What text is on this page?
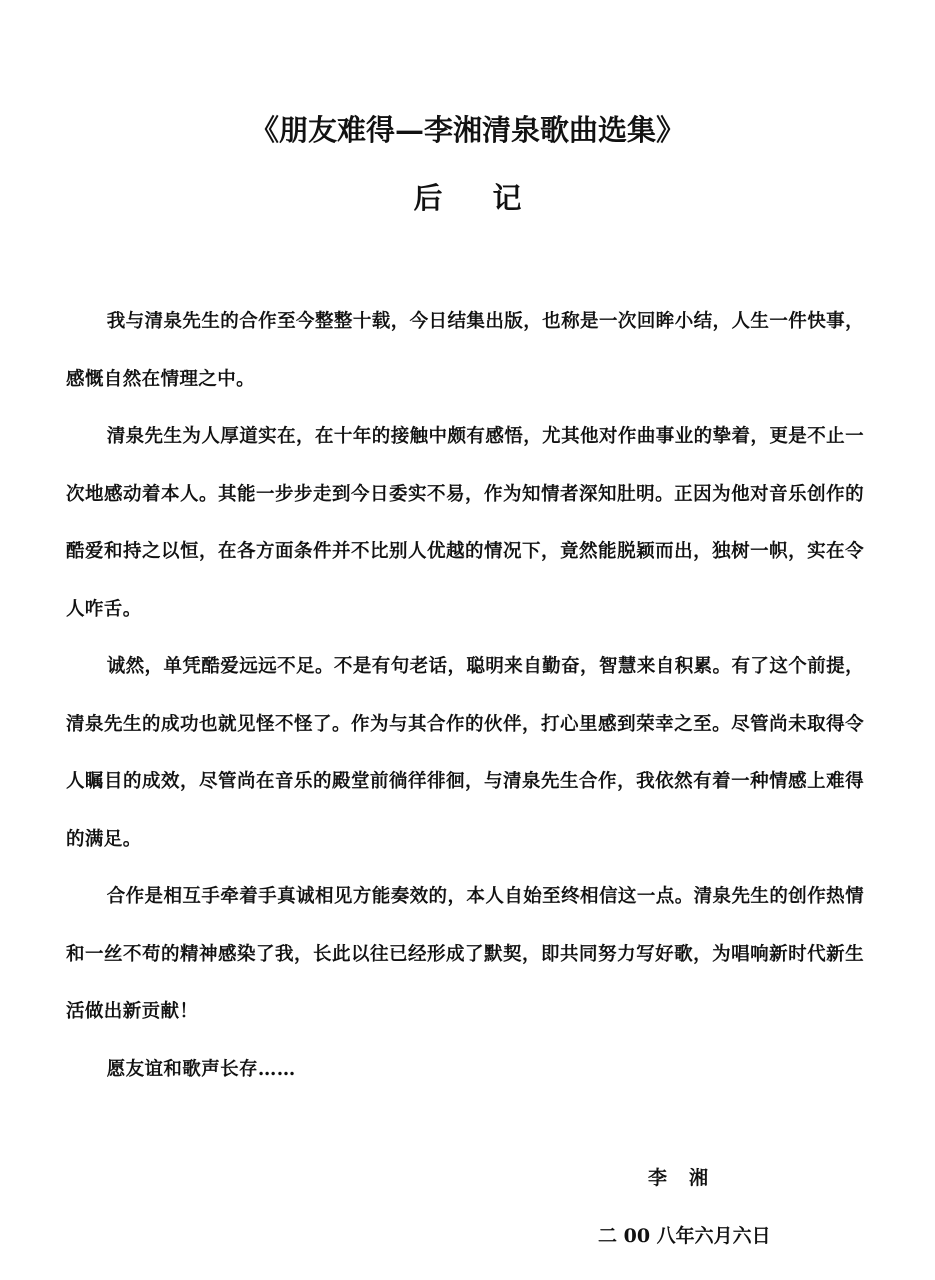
《朋友难得—李湘清泉歌曲选集》
后 记

我与清泉先生的合作至今整整十载，今日结集出版，也称是一次回眸小结，人生一件快事，感慨自然在情理之中。

清泉先生为人厚道实在，在十年的接触中颇有感悟，尤其他对作曲事业的挚着，更是不止一次地感动着本人。其能一步步走到今日委实不易，作为知情者深知肚明。正因为他对音乐创作的酷爱和持之以恒，在各方面条件并不比别人优越的情况下，竟然能脱颖而出，独树一帜，实在令人咋舌。

诚然，单凭酷爱远远不足。不是有句老话，聪明来自勤奋，智慧来自积累。有了这个前提，清泉先生的成功也就见怪不怪了。作为与其合作的伙伴，打心里感到荣幸之至。尽管尚未取得令人瞩目的成效，尽管尚在音乐的殿堂前徜徉徘徊，与清泉先生合作，我依然有着一种情感上难得的满足。

合作是相互手牵着手真诚相见方能奏效的，本人自始至终相信这一点。清泉先生的创作热情和一丝不苟的精神感染了我，长此以往已经形成了默契，即共同努力写好歌，为唱响新时代新生活做出新贡献！

愿友谊和歌声长存……

李 湘
二 00 八年六月六日
